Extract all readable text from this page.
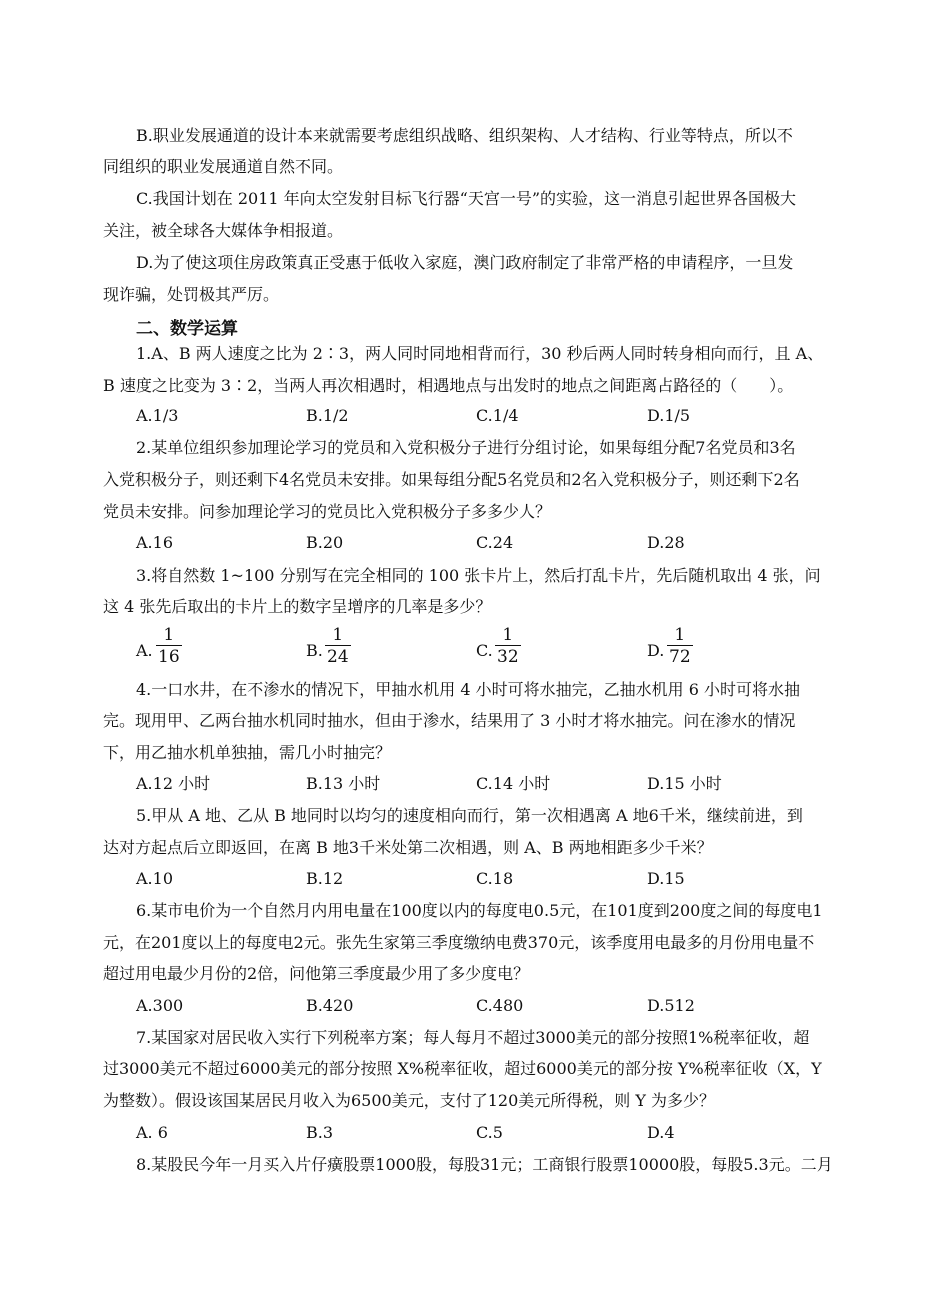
B.职业发展通道的设计本来就需要考虑组织战略、组织架构、人才结构、行业等特点，所以不
同组织的职业发展通道自然不同。
C.我国计划在 2011 年向太空发射目标飞行器“天宫一号”的实验，这一消息引起世界各国极大
关注，被全球各大媒体争相报道。
D.为了使这项住房政策真正受惠于低收入家庭，澳门政府制定了非常严格的申请程序，一旦发
现诈骗，处罚极其严厉。
二、数学运算
1.A、B 两人速度之比为 2∶3，两人同时同地相背而行，30 秒后两人同时转身相向而行，且 A、
B 速度之比变为 3∶2，当两人再次相遇时，相遇地点与出发时的地点之间距离占路径的（　　）。
A.1/3	B.1/2	C.1/4	D.1/5
2.某单位组织参加理论学习的党员和入党积极分子进行分组讨论，如果每组分配7名党员和3名
入党积极分子，则还剩下4名党员未安排。如果每组分配5名党员和2名入党积极分子，则还剩下2名
党员未安排。问参加理论学习的党员比入党积极分子多多少人？
A.16	B.20	C.24	D.28
3.将自然数 1~100 分别写在完全相同的 100 张卡片上，然后打乱卡片，先后随机取出 4 张，问
这 4 张先后取出的卡片上的数字呈增序的几率是多少？
A.
1
16	B.
1
24	C.
1
32	D.
1
72
4.一口水井，在不渗水的情况下，甲抽水机用 4 小时可将水抽完，乙抽水机用 6 小时可将水抽
完。现用甲、乙两台抽水机同时抽水，但由于渗水，结果用了 3 小时才将水抽完。问在渗水的情况
下，用乙抽水机单独抽，需几小时抽完？
A.12 小时	B.13 小时	C.14 小时	D.15 小时
5.甲从 A 地、乙从 B 地同时以均匀的速度相向而行，第一次相遇离 A 地6千米，继续前进，到
达对方起点后立即返回，在离 B 地3千米处第二次相遇，则 A、B 两地相距多少千米？
A.10	B.12	C.18	D.15
6.某市电价为一个自然月内用电量在100度以内的每度电0.5元，在101度到200度之间的每度电1
元，在201度以上的每度电2元。张先生家第三季度缴纳电费370元，该季度用电最多的月份用电量不
超过用电最少月份的2倍，问他第三季度最少用了多少度电？
A.300	B.420	C.480	D.512
7.某国家对居民收入实行下列税率方案；每人每月不超过3000美元的部分按照1%税率征收，超
过3000美元不超过6000美元的部分按照 X%税率征收，超过6000美元的部分按 Y%税率征收（X，Y
为整数）。假设该国某居民月收入为6500美元，支付了120美元所得税，则 Y 为多少？
A. 6	B.3	C.5	D.4
8.某股民今年一月买入片仔癀股票1000股，每股31元；工商银行股票10000股，每股5.3元。二月
